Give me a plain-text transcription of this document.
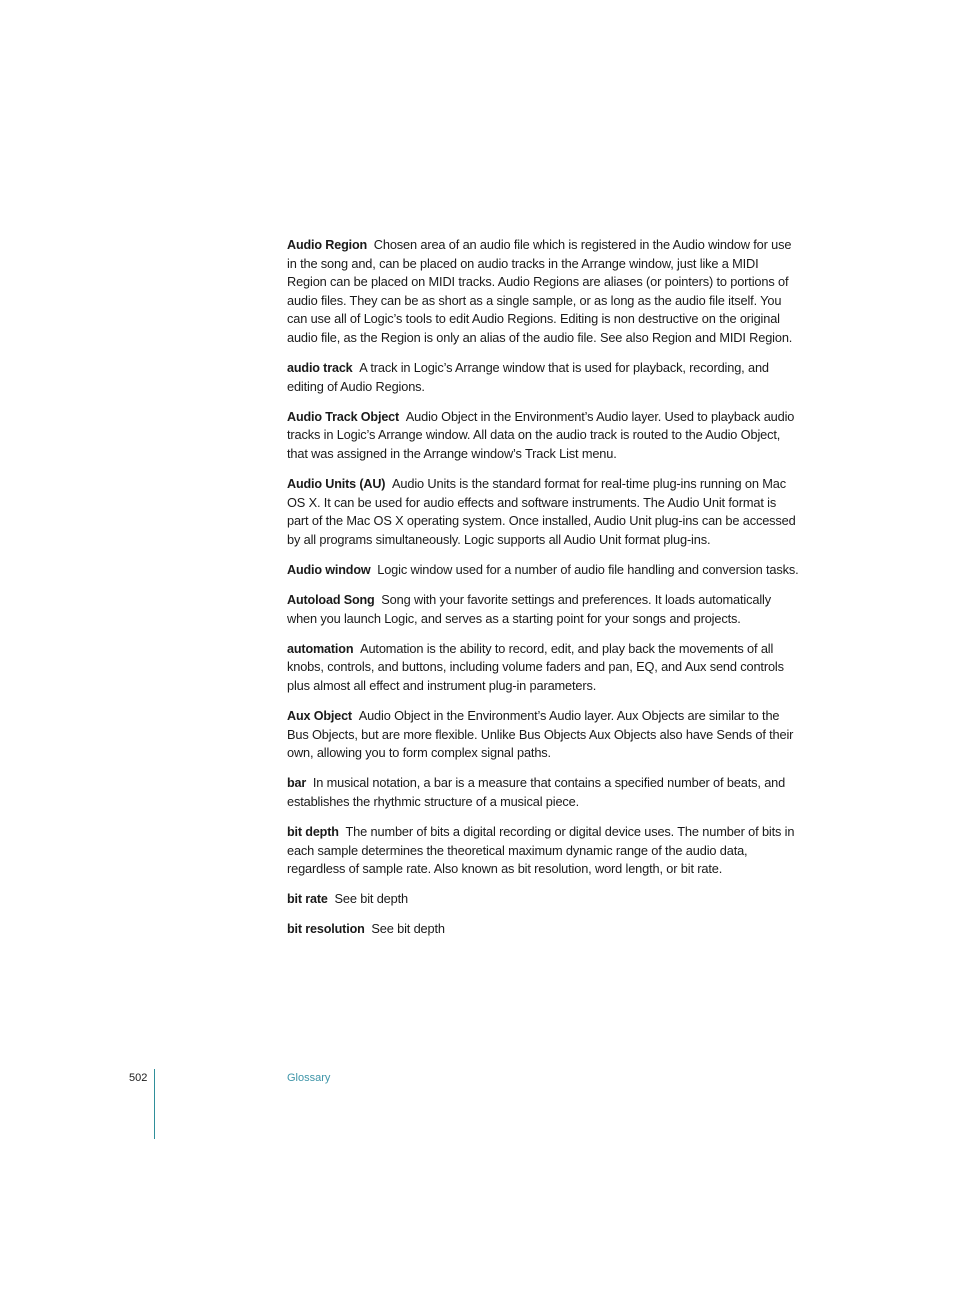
Audio Region Chosen area of an audio file which is registered in the Audio window for use in the song and, can be placed on audio tracks in the Arrange window, just like a MIDI Region can be placed on MIDI tracks. Audio Regions are aliases (or pointers) to portions of audio files. They can be as short as a single sample, or as long as the audio file itself. You can use all of Logic’s tools to edit Audio Regions. Editing is non destructive on the original audio file, as the Region is only an alias of the audio file. See also Region and MIDI Region.

audio track A track in Logic’s Arrange window that is used for playback, recording, and editing of Audio Regions.

Audio Track Object Audio Object in the Environment’s Audio layer. Used to playback audio tracks in Logic’s Arrange window. All data on the audio track is routed to the Audio Object, that was assigned in the Arrange window’s Track List menu.

Audio Units (AU) Audio Units is the standard format for real-time plug-ins running on Mac OS X. It can be used for audio effects and software instruments. The Audio Unit format is part of the Mac OS X operating system. Once installed, Audio Unit plug-ins can be accessed by all programs simultaneously. Logic supports all Audio Unit format plug-ins.

Audio window Logic window used for a number of audio file handling and conversion tasks.

Autoload Song Song with your favorite settings and preferences. It loads automatically when you launch Logic, and serves as a starting point for your songs and projects.

automation Automation is the ability to record, edit, and play back the movements of all knobs, controls, and buttons, including volume faders and pan, EQ, and Aux send controls plus almost all effect and instrument plug-in parameters.

Aux Object Audio Object in the Environment’s Audio layer. Aux Objects are similar to the Bus Objects, but are more flexible. Unlike Bus Objects Aux Objects also have Sends of their own, allowing you to form complex signal paths.

bar In musical notation, a bar is a measure that contains a specified number of beats, and establishes the rhythmic structure of a musical piece.

bit depth The number of bits a digital recording or digital device uses. The number of bits in each sample determines the theoretical maximum dynamic range of the audio data, regardless of sample rate. Also known as bit resolution, word length, or bit rate.

bit rate See bit depth

bit resolution See bit depth

502	Glossary
